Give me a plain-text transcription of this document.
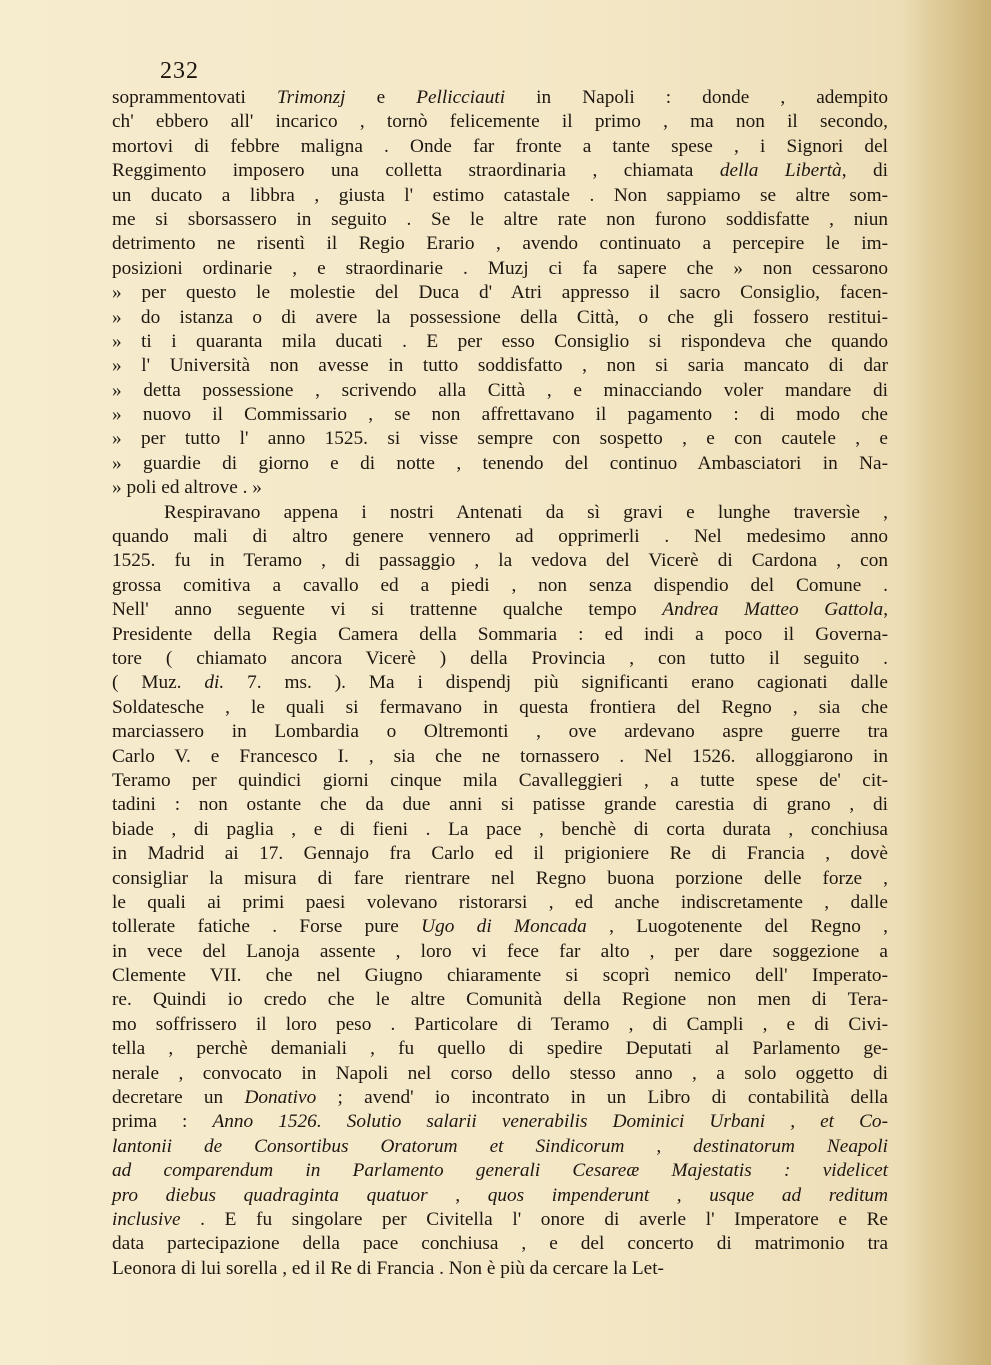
232
soprammentovati Trimonzj e Pellicciauti in Napoli : donde , adempito
ch' ebbero all' incarico , tornò felicemente il primo , ma non il secondo,
mortovi di febbre maligna . Onde far fronte a tante spese , i Signori del
Reggimento imposero una colletta straordinaria , chiamata della Libertà, di
un ducato a libbra , giusta l' estimo catastale . Non sappiamo se altre som-
me si sborsassero in seguito . Se le altre rate non furono soddisfatte , niun
detrimento ne risentì il Regio Erario , avendo continuato a percepire le im-
posizioni ordinarie , e straordinarie . Muzj ci fa sapere che » non cessarono
» per questo le molestie del Duca d' Atri appresso il sacro Consiglio, facen-
» do istanza o di avere la possessione della Città, o che gli fossero restitui-
» ti i quaranta mila ducati . E per esso Consiglio si rispondeva che quando
» l' Università non avesse in tutto soddisfatto , non si saria mancato di dar
» detta possessione , scrivendo alla Città , e minacciando voler mandare di
» nuovo il Commissario , se non affrettavano il pagamento : di modo che
» per tutto l' anno 1525. si visse sempre con sospetto , e con cautele , e
» guardie di giorno e di notte , tenendo del continuo Ambasciatori in Na-
» poli ed altrove . »
Respiravano appena i nostri Antenati da sì gravi e lunghe traversìe ,
quando mali di altro genere vennero ad opprimerli . Nel medesimo anno
1525. fu in Teramo , di passaggio , la vedova del Vicerè di Cardona , con
grossa comitiva a cavallo ed a piedi , non senza dispendio del Comune .
Nell' anno seguente vi si trattenne qualche tempo Andrea Matteo Gattola,
Presidente della Regia Camera della Sommaria : ed indi a poco il Governa-
tore ( chiamato ancora Vicerè ) della Provincia , con tutto il seguito .
( Muz. di. 7. ms. ). Ma i dispendj più significanti erano cagionati dalle
Soldatesche , le quali si fermavano in questa frontiera del Regno , sia che
marciassero in Lombardia o Oltremonti , ove ardevano aspre guerre tra
Carlo V. e Francesco I. , sia che ne tornassero . Nel 1526. alloggiarono in
Teramo per quindici giorni cinque mila Cavalleggieri , a tutte spese de' cit-
tadini : non ostante che da due anni si patisse grande carestia di grano , di
biade , di paglia , e di fieni . La pace , benchè di corta durata , conchiusa
in Madrid ai 17. Gennajo fra Carlo ed il prigioniere Re di Francia , dovè
consigliar la misura di fare rientrare nel Regno buona porzione delle forze ,
le quali ai primi paesi volevano ristorarsi , ed anche indiscretamente , dalle
tollerate fatiche . Forse pure Ugo di Moncada , Luogotenente del Regno ,
in vece del Lanoja assente , loro vi fece far alto , per dare soggezione a
Clemente VII. che nel Giugno chiaramente si scoprì nemico dell' Imperato-
re. Quindi io credo che le altre Comunità della Regione non men di Tera-
mo soffrissero il loro peso . Particolare di Teramo , di Campli , e di Civi-
tella , perchè demaniali , fu quello di spedire Deputati al Parlamento ge-
nerale , convocato in Napoli nel corso dello stesso anno , a solo oggetto di
decretare un Donativo ; avend' io incontrato in un Libro di contabilità della
prima : Anno 1526. Solutio salarii venerabilis Dominici Urbani , et Co-
lantonii de Consortibus Oratorum et Sindicorum , destinatorum Neapoli
ad comparendum in Parlamento generali Cesareæ Majestatis : videlicet
pro diebus quadraginta quatuor , quos impenderunt , usque ad reditum
inclusive . E fu singolare per Civitella l' onore di averle l' Imperatore e Re
data partecipazione della pace conchiusa , e del concerto di matrimonio tra
Leonora di lui sorella , ed il Re di Francia . Non è più da cercare la Let-
